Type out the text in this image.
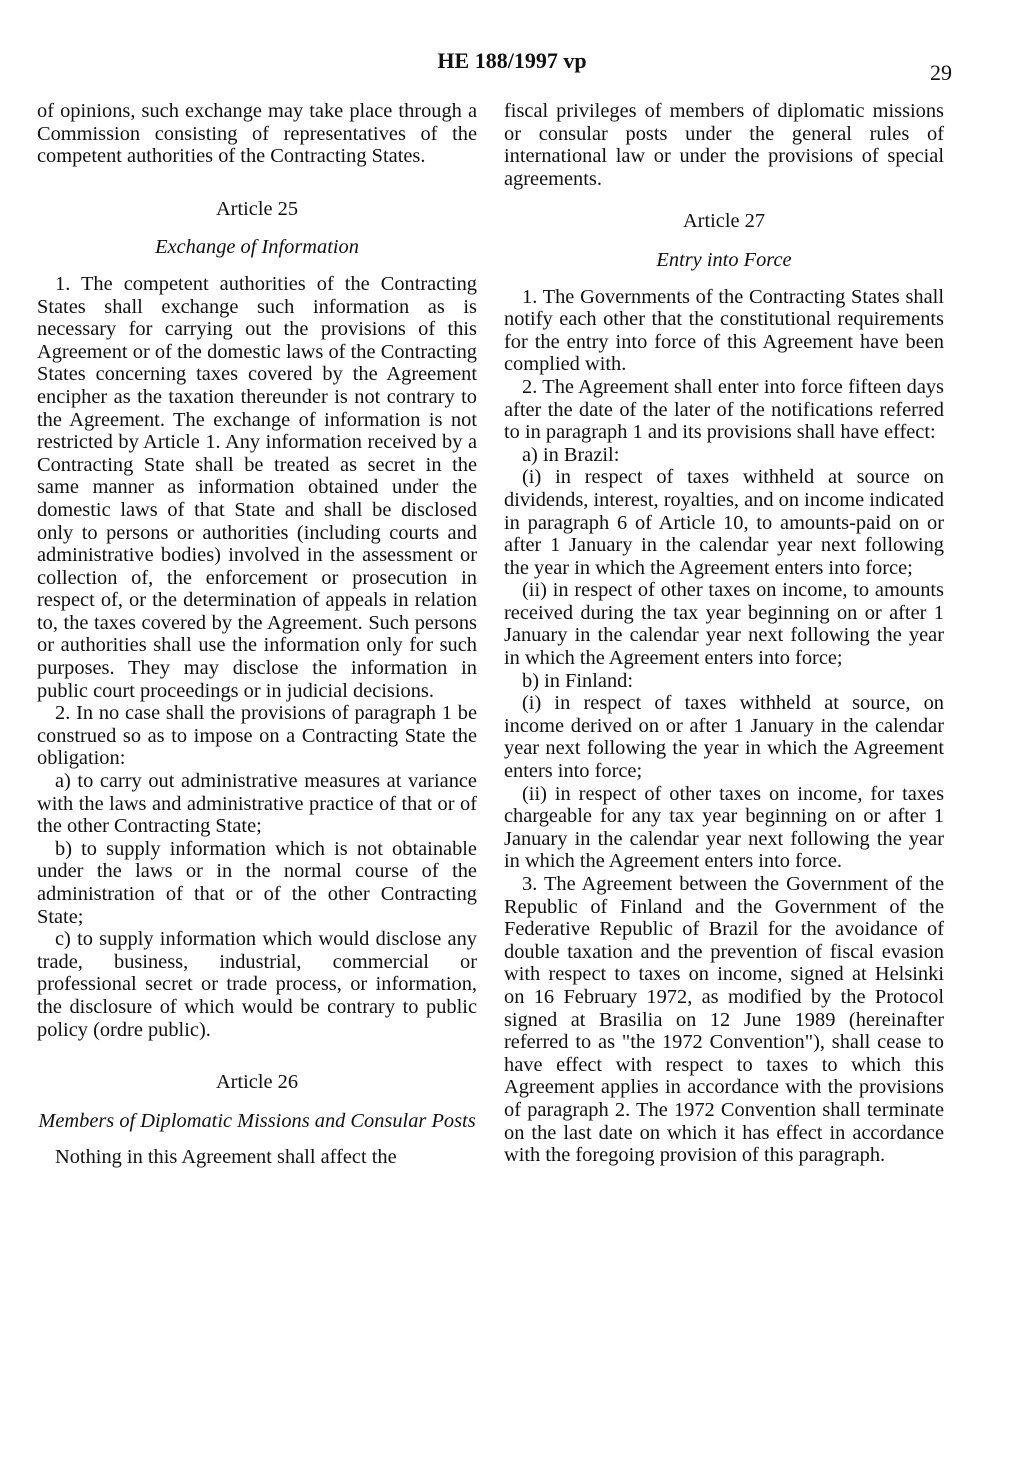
HE 188/1997 vp	29

of opinions, such exchange may take place through a Commission consisting of representatives of the competent authorities of the Contracting States.

Article 25
Exchange of Information

1. The competent authorities of the Contracting States shall exchange such information as is necessary for carrying out the provisions of this Agreement or of the domestic laws of the Contracting States concerning taxes covered by the Agreement encipher as the taxation thereunder is not contrary to the Agreement. The exchange of information is not restricted by Article 1. Any information received by a Contracting State shall be treated as secret in the same manner as information obtained under the domestic laws of that State and shall be disclosed only to persons or authorities (including courts and administrative bodies) involved in the assessment or collection of, the enforcement or prosecution in respect of, or the determination of appeals in relation to, the taxes covered by the Agreement. Such persons or authorities shall use the information only for such purposes. They may disclose the information in public court proceedings or in judicial decisions.

2. In no case shall the provisions of paragraph 1 be construed so as to impose on a Contracting State the obligation:

a) to carry out administrative measures at variance with the laws and administrative practice of that or of the other Contracting State;

b) to supply information which is not obtainable under the laws or in the normal course of the administration of that or of the other Contracting State;

c) to supply information which would disclose any trade, business, industrial, commercial or professional secret or trade process, or information, the disclosure of which would be contrary to public policy (ordre public).

Article 26
Members of Diplomatic Missions and Consular Posts

Nothing in this Agreement shall affect the

fiscal privileges of members of diplomatic missions or consular posts under the general rules of international law or under the provisions of special agreements.

Article 27
Entry into Force

1. The Governments of the Contracting States shall notify each other that the constitutional requirements for the entry into force of this Agreement have been complied with.

2. The Agreement shall enter into force fifteen days after the date of the later of the notifications referred to in paragraph 1 and its provisions shall have effect:

a) in Brazil:

(i) in respect of taxes withheld at source on dividends, interest, royalties, and on income indicated in paragraph 6 of Article 10, to amounts-paid on or after 1 January in the calendar year next following the year in which the Agreement enters into force;

(ii) in respect of other taxes on income, to amounts received during the tax year beginning on or after 1 January in the calendar year next following the year in which the Agreement enters into force;

b) in Finland:

(i) in respect of taxes withheld at source, on income derived on or after 1 January in the calendar year next following the year in which the Agreement enters into force;

(ii) in respect of other taxes on income, for taxes chargeable for any tax year beginning on or after 1 January in the calendar year next following the year in which the Agreement enters into force.

3. The Agreement between the Government of the Republic of Finland and the Government of the Federative Republic of Brazil for the avoidance of double taxation and the prevention of fiscal evasion with respect to taxes on income, signed at Helsinki on 16 February 1972, as modified by the Protocol signed at Brasilia on 12 June 1989 (hereinafter referred to as "the 1972 Convention"), shall cease to have effect with respect to taxes to which this Agreement applies in accordance with the provisions of paragraph 2. The 1972 Convention shall terminate on the last date on which it has effect in accordance with the foregoing provision of this paragraph.
